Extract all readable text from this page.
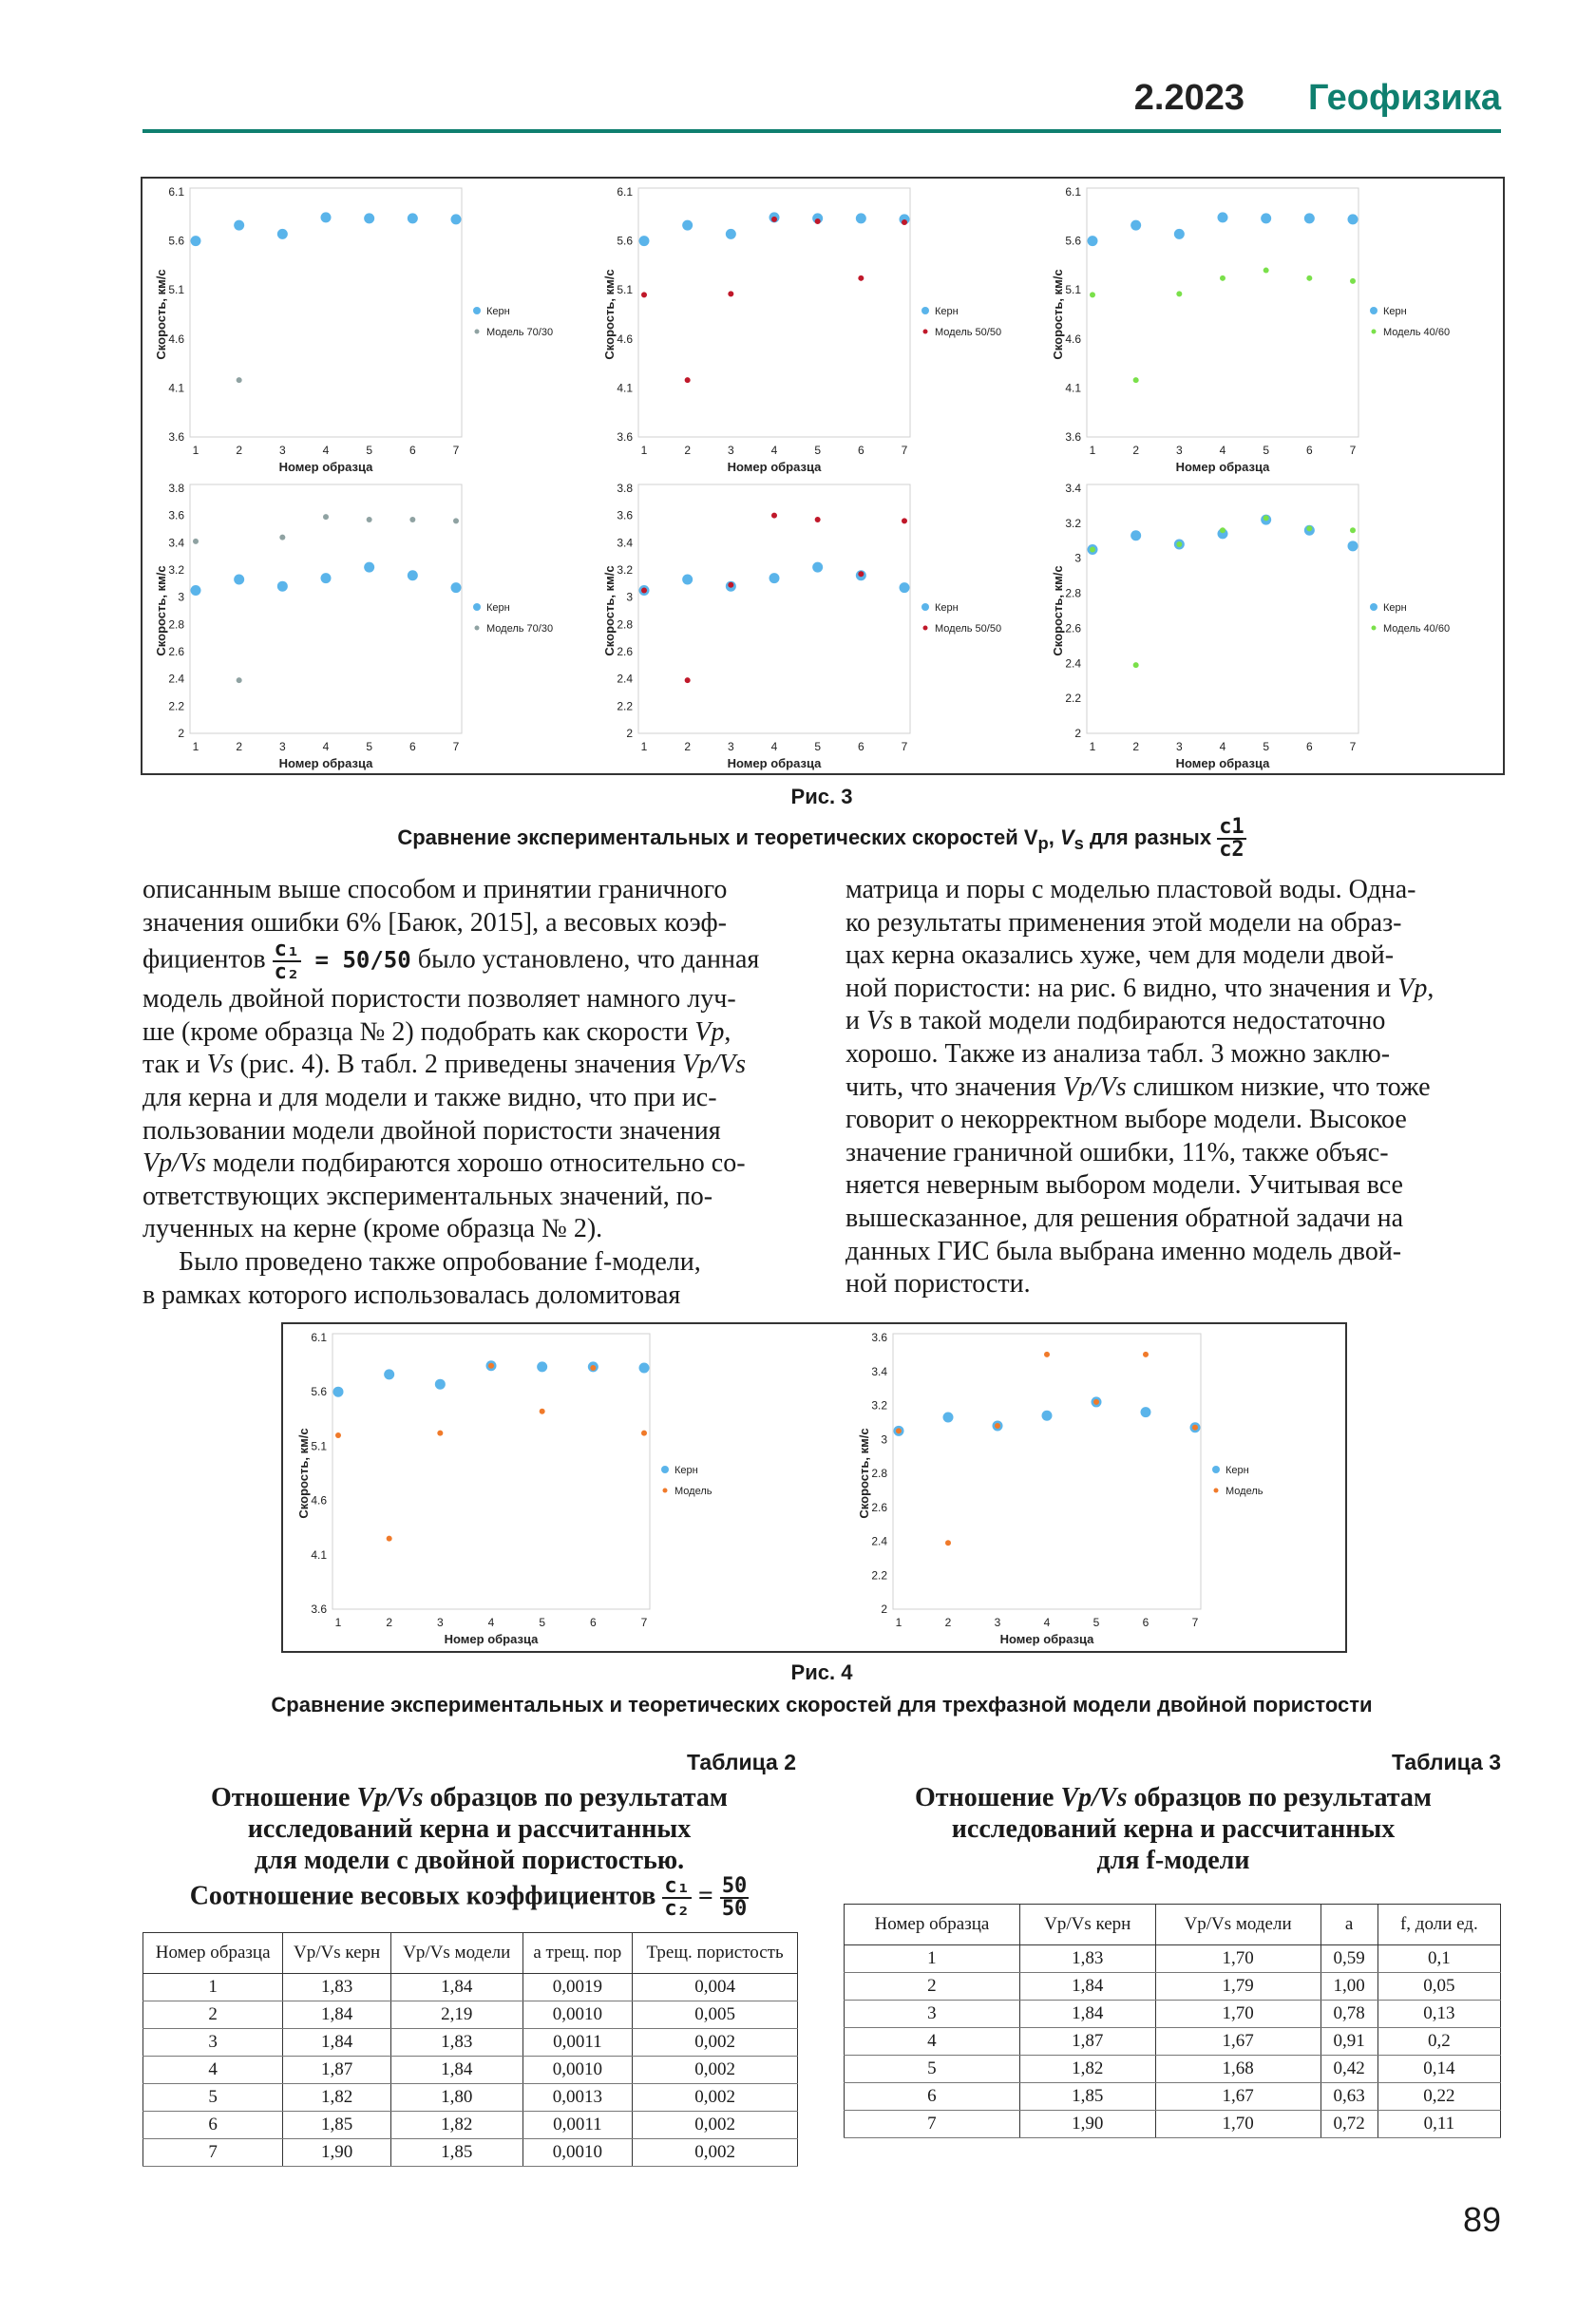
2.2023 Геофизика
3.6
4.1
4.6
5.1
5.6
6.1
1	2	3	4	5	6	7
Номер образца
Скорость, км/с	Керн
Модель 70/30
3.6
4.1
4.6
5.1
5.6
6.1
1	2	3	4	5	6	7
Номер образца
Скорость, км/с	Керн
Модель 50/50
3.6
4.1
4.6
5.1
5.6
6.1
1	2	3	4	5	6	7
Номер образца
Скорость, км/с	Керн
Модель 40/60
2
2.2
2.4
2.6
2.8
3
3.2
3.4
3.6
3.8
1	2	3	4	5	6	7
Номер образца
Скорость, км/с	Керн
Модель 70/30
2
2.2
2.4
2.6
2.8
3
3.2
3.4
3.6
3.8
1	2	3	4	5	6	7
Номер образца
Скорость, км/с	Керн
Модель 50/50
2
2.2
2.4
2.6
2.8
3
3.2
3.4
1	2	3	4	5	6	7
Номер образца
Скорость, км/с	Керн
Модель 40/60
Рис. 3
Сравнение экспериментальных и теоретических скоростей $V_p$, $V_s$ для разных $\frac{c1}{c2}$

описанным выше способом и принятии граничного

значения ошибки 6% [Баюк, 2015], а весовых коэф-

фициентов $\frac{\text{c₁}}{\text{c₂}} = 50/50$ было установлено, что данная

модель двойной пористости позволяет намного луч-

ше (кроме образца № 2) подобрать как скорости Vp,

так и Vs (рис. 4). В табл. 2 приведены значения Vp/Vs

для керна и для модели и также видно, что при ис-

пользовании модели двойной пористости значения

Vp/Vs модели подбираются хорошо относительно со-

ответствующих экспериментальных значений, по-

лученных на керне (кроме образца № 2).

Было проведено также опробование f-модели,

в рамках которого использовалась доломитовая

матрица и поры с моделью пластовой воды. Одна-

ко результаты применения этой модели на образ-

цах керна оказались хуже, чем для модели двой-

ной пористости: на рис. 6 видно, что значения и Vp,

и Vs в такой модели подбираются недостаточно

хорошо. Также из анализа табл. 3 можно заклю-

чить, что значения Vp/Vs слишком низкие, что тоже

говорит о некорректном выборе модели. Высокое

значение граничной ошибки, 11%, также объяс-

няется неверным выбором модели. Учитывая все

вышесказанное, для решения обратной задачи на

данных ГИС была выбрана именно модель двой-

ной пористости.

3.6
4.1
4.6
5.1
5.6
6.1
1	2	3	4	5	6	7
Номер образца
Скорость, км/с	Керн
Модель
2
2.2
2.4
2.6
2.8
3
3.2
3.4
3.6
1	2	3	4	5	6	7
Номер образца
Скорость, км/с	Керн
Модель
Рис. 4
Сравнение экспериментальных и теоретических скоростей для трехфазной модели двойной пористости
Таблица 2
Отношение Vp/Vs образцов по результатам
исследований керна и рассчитанных
для модели с двойной пористостью.
Соотношение весовых коэффициентов $\frac{\text{c₁}}{\text{c₂}} = \frac{50}{50}$
Номер образца	Vp/Vs керн	Vp/Vs модели	a трещ. пор	Трещ. пористость
1	1,83	1,84	0,0019	0,004
2	1,84	2,19	0,0010	0,005
3	1,84	1,83	0,0011	0,002
4	1,87	1,84	0,0010	0,002
5	1,82	1,80	0,0013	0,002
6	1,85	1,82	0,0011	0,002
7	1,90	1,85	0,0010	0,002
Таблица 3
Отношение Vp/Vs образцов по результатам
исследований керна и рассчитанных
для f-модели
Номер образца	Vp/Vs керн	Vp/Vs модели	a	f, доли ед.
1	1,83	1,70	0,59	0,1
2	1,84	1,79	1,00	0,05
3	1,84	1,70	0,78	0,13
4	1,87	1,67	0,91	0,2
5	1,82	1,68	0,42	0,14
6	1,85	1,67	0,63	0,22
7	1,90	1,70	0,72	0,11
89
